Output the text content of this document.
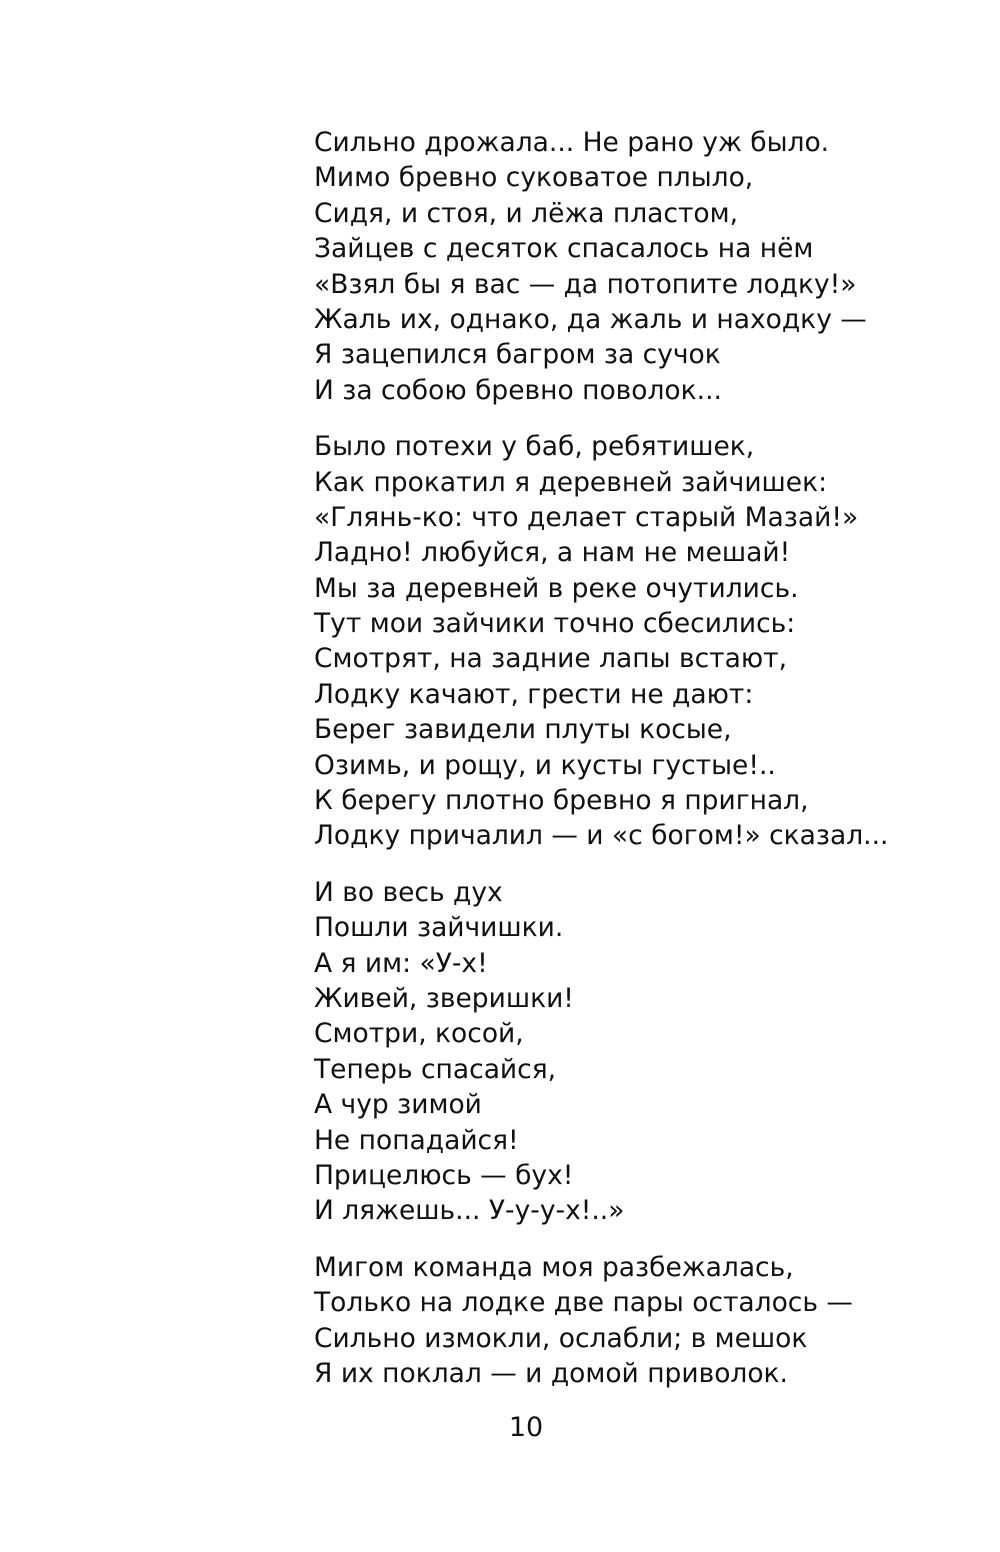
Сильно дрожала... Не рано уж было.
Мимо бревно суковатое плыло,
Сидя, и стоя, и лёжа пластом,
Зайцев с десяток спасалось на нём
«Взял бы я вас — да потопите лодку!»
Жаль их, однако, да жаль и находку —
Я зацепился багром за сучок
И за собою бревно поволок...
Было потехи у баб, ребятишек,
Как прокатил я деревней зайчишек:
«Глянь-ко: что делает старый Мазай!»
Ладно! любуйся, а нам не мешай!
Мы за деревней в реке очутились.
Тут мои зайчики точно сбесились:
Смотрят, на задние лапы встают,
Лодку качают, грести не дают:
Берег завидели плуты косые,
Озимь, и рощу, и кусты густые!..
К берегу плотно бревно я пригнал,
Лодку причалил — и «с богом!» сказал...
И во весь дух
Пошли зайчишки.
А я им: «У-х!
Живей, зверишки!
Смотри, косой,
Теперь спасайся,
А чур зимой
Не попадайся!
Прицелюсь — бух!
И ляжешь... У-у-у-х!..»
Мигом команда моя разбежалась,
Только на лодке две пары осталось —
Сильно измокли, ослабли; в мешок
Я их поклал — и домой приволок.
10
